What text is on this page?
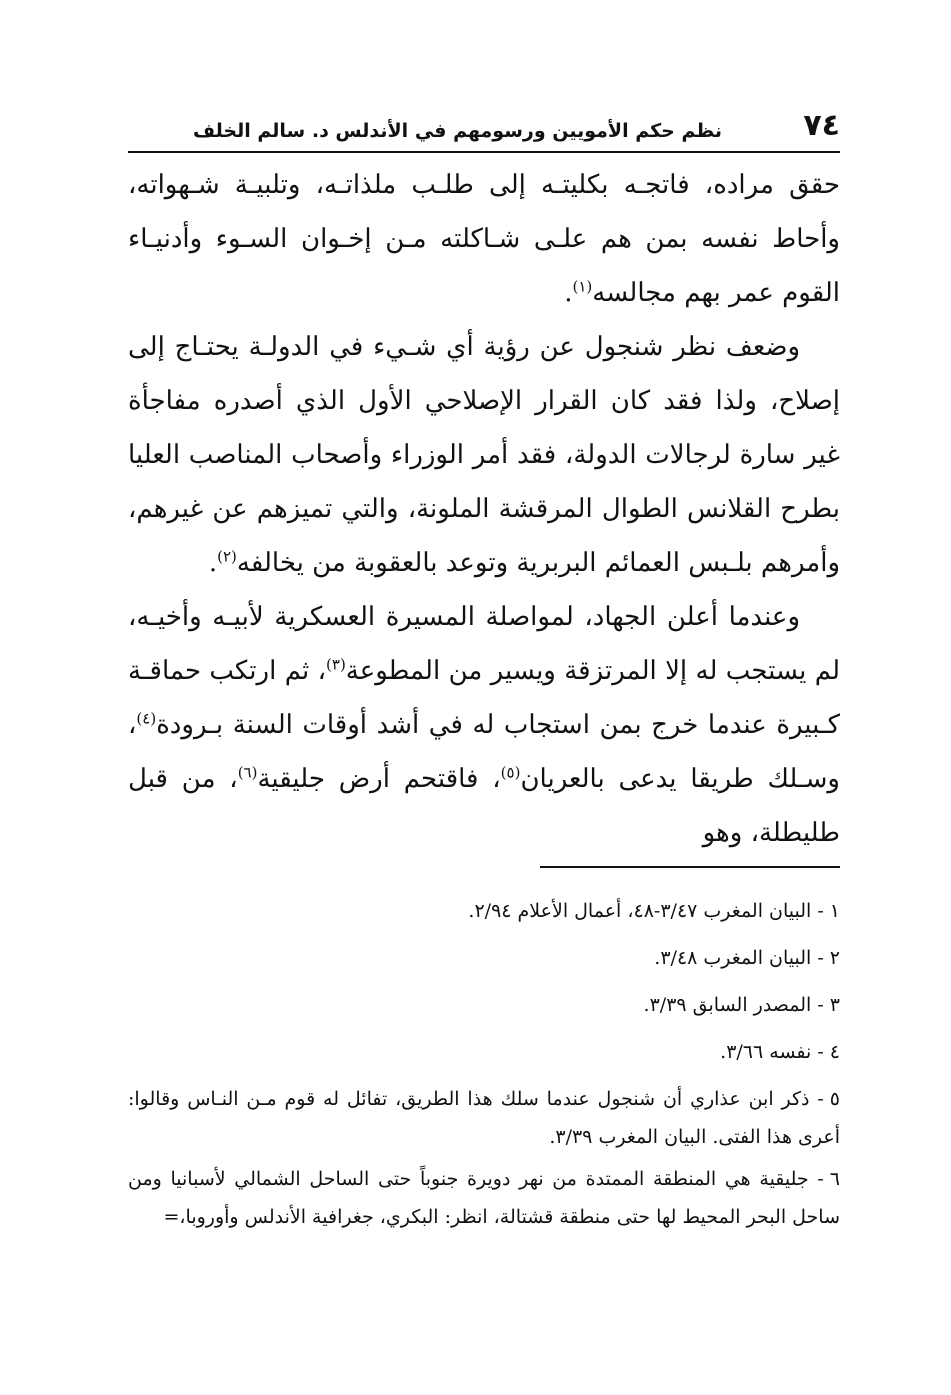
٧٤
نظم حكم الأمويين ورسومهم في الأندلس د. سالم الخلف

حقق مراده، فاتجـه بكليتـه إلى طلـب ملذاتـه، وتلبيـة شـهواته، وأحاط نفسه بمن هم علـى شـاكلته مـن إخـوان السـوء وأدنيـاء القوم عمر بهم مجالسه$^{(١)}$.

وضعف نظر شنجول عن رؤية أي شـيء في الدولـة يحتـاج إلى إصلاح، ولذا فقد كان القرار الإصلاحي الأول الذي أصدره مفاجأة غير سارة لرجالات الدولة، فقد أمر الوزراء وأصحاب المناصب العليا بطرح القلانس الطوال المرقشة الملونة، والتي تميزهم عن غيرهم، وأمرهم بلـبس العمائم البربرية وتوعد بالعقوبة من يخالفه$^{(٢)}$.

وعندما أعلن الجهاد، لمواصلة المسيرة العسكرية لأبيـه وأخيـه، لم يستجب له إلا المرتزقة ويسير من المطوعة$^{(٣)}$، ثم ارتكب حماقـة كـبيرة عندما خرج بمن استجاب له في أشد أوقات السنة بـرودة$^{(٤)}$، وسـلك طريقا يدعى بالعريان$^{(٥)}$، فاقتحم أرض جليقية$^{(٦)}$، من قبل طليطلة، وهو

١- البيان المغرب ٣/٤٧-٤٨، أعمال الأعلام ٢/٩٤.

٢- البيان المغرب ٣/٤٨.

٣- المصدر السابق ٣/٣٩.

٤- نفسه ٣/٦٦.

٥- ذكر ابن عذاري أن شنجول عندما سلك هذا الطريق، تفائل له قوم مـن النـاس وقالوا: أعرى هذا الفتى. البيان المغرب ٣/٣٩.

٦- جليقية هي المنطقة الممتدة من نهر دويرة جنوباً حتى الساحل الشمالي لأسبانيا ومن ساحل البحر المحيط لها حتى منطقة قشتالة، انظر: البكري، جغرافية الأندلس وأوروبا،=
